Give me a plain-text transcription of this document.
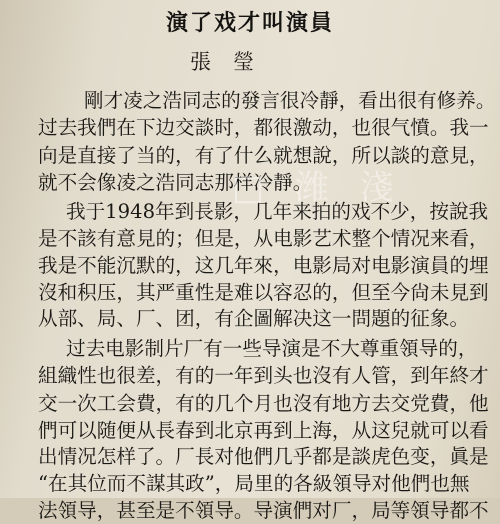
演了戏才叫演員
張瑩
剛才凌之浩同志的發言很冷靜，看出很有修养。
过去我們在下边交談时，都很激动，也很气憤。我一
向是直接了当的，有了什么就想說，所以談的意見，
就不会像凌之浩同志那样冷靜。
我于1948年到長影，几年来拍的戏不少，按說我
是不該有意見的；但是，从电影艺术整个情况来看，
我是不能沉默的，这几年來，电影局对电影演員的埋
沒和积压，其严重性是难以容忍的，但至今尙未見到
从部、局、厂、团，有企圖解决这一問題的征象。
过去电影制片厂有一些导演是不大尊重領导的，
組織性也很差，有的一年到头也沒有人管，到年終才
交一次工会費，有的几个月也沒有地方去交党費，他
們可以随便从長春到北京再到上海，从这兒就可以看
出情况怎样了。厂長对他們几乎都是談虎色变，眞是
“在其位而不謀其政”，局里的各級領导对他們也無
法領导，甚至是不領导。导演們对厂，局等領导都不
□ 潍 淺
